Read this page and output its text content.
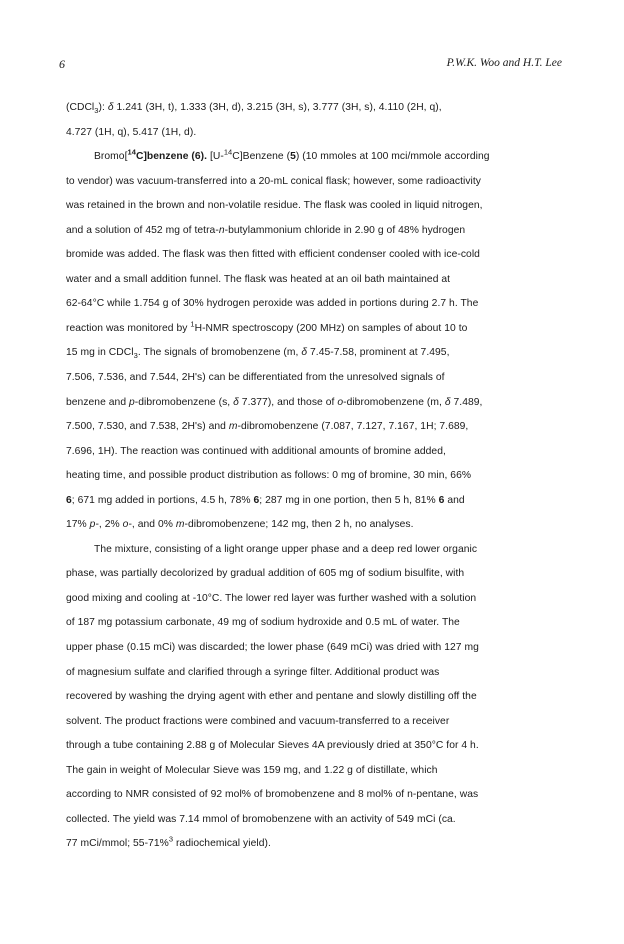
6	P.W.K. Woo and H.T. Lee
(CDCl$_3$): δ 1.241 (3H, t), 1.333 (3H, d), 3.215 (3H, s), 3.777 (3H, s), 4.110 (2H, q),
4.727 (1H, q), 5.417 (1H, d).
Bromo[$^{14}$C]benzene (6). [U-$^{14}$C]Benzene (5) (10 mmoles at 100 mci/mmole according
to vendor) was vacuum-transferred into a 20-mL conical flask; however, some radioactivity
was retained in the brown and non-volatile residue. The flask was cooled in liquid nitrogen,
and a solution of 452 mg of tetra-n-butylammonium chloride in 2.90 g of 48% hydrogen
bromide was added. The flask was then fitted with efficient condenser cooled with ice-cold
water and a small addition funnel. The flask was heated at an oil bath maintained at
62-64°C while 1.754 g of 30% hydrogen peroxide was added in portions during 2.7 h. The
reaction was monitored by $^1$H-NMR spectroscopy (200 MHz) on samples of about 10 to
15 mg in CDCl$_3$. The signals of bromobenzene (m, δ 7.45-7.58, prominent at 7.495,
7.506, 7.536, and 7.544, 2H's) can be differentiated from the unresolved signals of
benzene and p-dibromobenzene (s, δ 7.377), and those of o-dibromobenzene (m, δ 7.489,
7.500, 7.530, and 7.538, 2H's) and m-dibromobenzene (7.087, 7.127, 7.167, 1H; 7.689,
7.696, 1H). The reaction was continued with additional amounts of bromine added,
heating time, and possible product distribution as follows: 0 mg of bromine, 30 min, 66%
6; 671 mg added in portions, 4.5 h, 78% 6; 287 mg in one portion, then 5 h, 81% 6 and
17% p-, 2% o-, and 0% m-dibromobenzene; 142 mg, then 2 h, no analyses.
The mixture, consisting of a light orange upper phase and a deep red lower organic
phase, was partially decolorized by gradual addition of 605 mg of sodium bisulfite, with
good mixing and cooling at -10°C. The lower red layer was further washed with a solution
of 187 mg potassium carbonate, 49 mg of sodium hydroxide and 0.5 mL of water. The
upper phase (0.15 mCi) was discarded; the lower phase (649 mCi) was dried with 127 mg
of magnesium sulfate and clarified through a syringe filter. Additional product was
recovered by washing the drying agent with ether and pentane and slowly distilling off the
solvent. The product fractions were combined and vacuum-transferred to a receiver
through a tube containing 2.88 g of Molecular Sieves 4A previously dried at 350°C for 4 h.
The gain in weight of Molecular Sieve was 159 mg, and 1.22 g of distillate, which
according to NMR consisted of 92 mol% of bromobenzene and 8 mol% of n-pentane, was
collected. The yield was 7.14 mmol of bromobenzene with an activity of 549 mCi (ca.
77 mCi/mmol; 55-71%$^3$ radiochemical yield).
